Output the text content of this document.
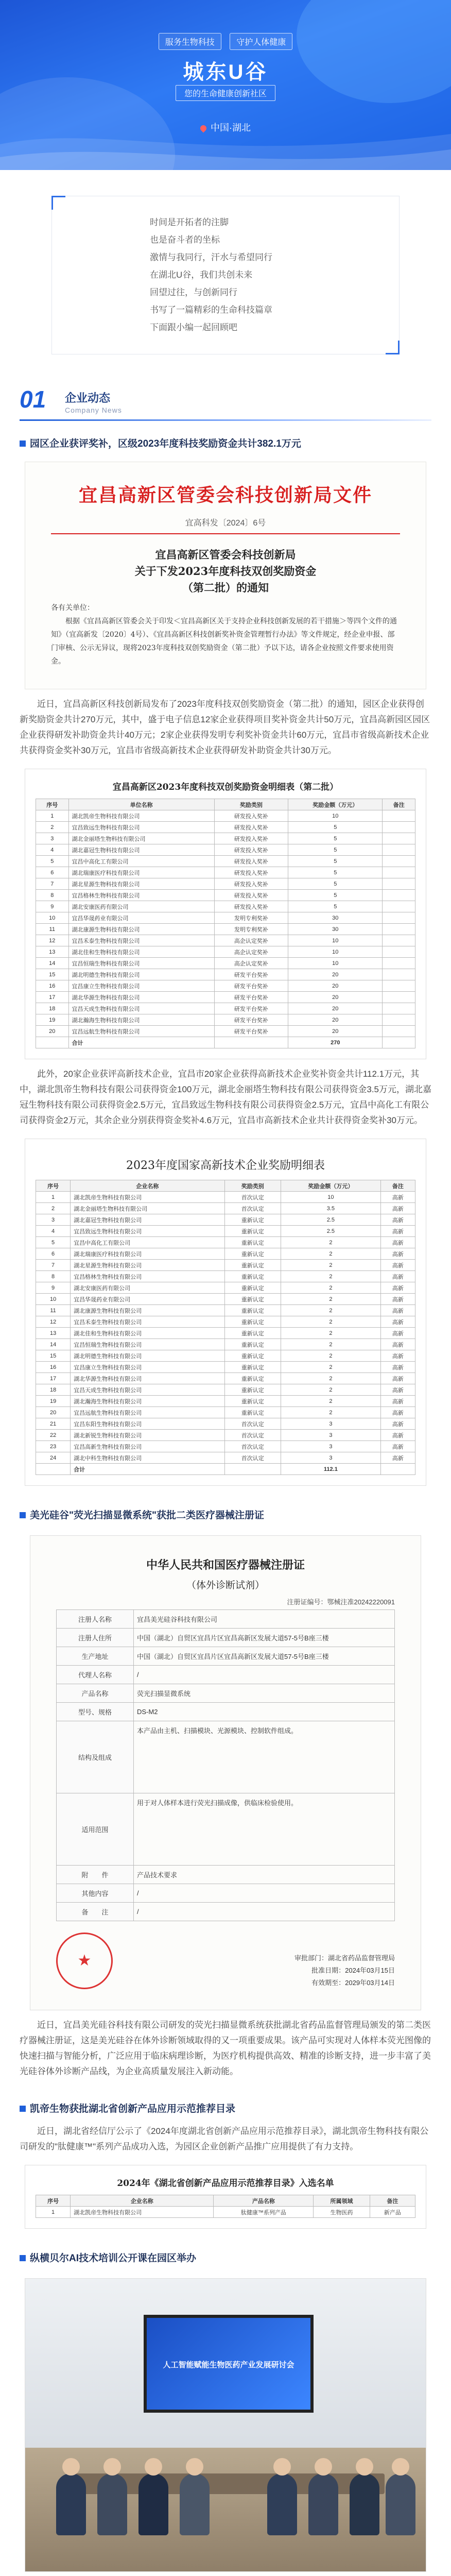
服务生物科技	守护人体健康
城东U谷
您的生命健康创新社区
中国·湖北

时间是开拓者的注脚

也是奋斗者的坐标

激情与我同行，汗水与希望同行

在湖北U谷，我们共创未来

回望过往，与创新同行

书写了一篇精彩的生命科技篇章

下面跟小编一起回顾吧

01 企业动态
Company News
园区企业获评奖补，区级2023年度科技奖励资金共计382.1万元
宜昌高新区管委会科技创新局文件
宜高科发〔2024〕6号
宜昌高新区管委会科技创新局
关于下发2023年度科技双创奖励资金
（第二批）的通知
各有关单位：

根据《宜昌高新区管委会关于印发＜宜昌高新区关于支持企业科技创新发展的若干措施＞等四个文件的通知》（宜高新发〔2020〕4号）、《宜昌高新区科技创新奖补资金管理暂行办法》等文件规定，经企业申报、部门审核、公示无异议，现将2023年度科技双创奖励资金（第二批）予以下达，请各企业按照文件要求使用资金。

近日，宜昌高新区科技创新局发布了2023年度科技双创奖励资金（第二批）的通知，园区企业获得创新奖励资金共计270万元，其中，盛于电子信息12家企业获得项目奖补资金共计50万元，宜昌高新园区园区企业获得研发补助资金共计40万元；2家企业获得发明专利奖补资金共计60万元，宜昌市省级高新技术企业共获得资金奖补30万元，宜昌市省级高新技术企业获得研发补助资金共计30万元。

宜昌高新区2023年度科技双创奖励资金明细表（第二批）
序号	单位名称	奖励类别	奖励金额（万元）	备注
1	湖北凯帝生物科技有限公司	研发投入奖补	10	
2	宜昌致远生物科技有限公司	研发投入奖补	5	
3	湖北金丽塔生物科技有限公司	研发投入奖补	5	
4	湖北嘉冠生物科技有限公司	研发投入奖补	5	
5	宜昌中高化工有限公司	研发投入奖补	5	
6	湖北瑞康医疗科技有限公司	研发投入奖补	5	
7	湖北星源生物科技有限公司	研发投入奖补	5	
8	宜昌格林生物科技有限公司	研发投入奖补	5	
9	湖北安康医药有限公司	研发投入奖补	5	
10	宜昌华晟药业有限公司	发明专利奖补	30	
11	湖北康源生物科技有限公司	发明专利奖补	30	
12	宜昌禾泰生物科技有限公司	高企认定奖补	10	
13	湖北佳和生物科技有限公司	高企认定奖补	10	
14	宜昌恒瑞生物科技有限公司	高企认定奖补	10	
15	湖北明德生物科技有限公司	研发平台奖补	20	
16	宜昌康立生物科技有限公司	研发平台奖补	20	
17	湖北华源生物科技有限公司	研发平台奖补	20	
18	宜昌天成生物科技有限公司	研发平台奖补	20	
19	湖北瀚海生物科技有限公司	研发平台奖补	20	
20	宜昌远航生物科技有限公司	研发平台奖补	20	
	合计		270	

此外，20家企业获评高新技术企业，宜昌市20家企业获得高新技术企业奖补资金共计112.1万元，其中，湖北凯帝生物科技有限公司获得资金100万元，湖北金丽塔生物科技有限公司获得资金3.5万元，湖北嘉冠生物科技有限公司获得资金2.5万元，宜昌致远生物科技有限公司获得资金2.5万元，宜昌中高化工有限公司获得资金2万元，其余企业分别获得资金奖补4.6万元，宜昌市高新技术企业共计获得资金奖补30万元。

2023年度国家高新技术企业奖励明细表
序号	企业名称	奖励类别	奖励金额（万元）	备注
1	湖北凯帝生物科技有限公司	首次认定	10	高新
2	湖北金丽塔生物科技有限公司	首次认定	3.5	高新
3	湖北嘉冠生物科技有限公司	重新认定	2.5	高新
4	宜昌致远生物科技有限公司	重新认定	2.5	高新
5	宜昌中高化工有限公司	重新认定	2	高新
6	湖北瑞康医疗科技有限公司	重新认定	2	高新
7	湖北星源生物科技有限公司	重新认定	2	高新
8	宜昌格林生物科技有限公司	重新认定	2	高新
9	湖北安康医药有限公司	重新认定	2	高新
10	宜昌华晟药业有限公司	重新认定	2	高新
11	湖北康源生物科技有限公司	重新认定	2	高新
12	宜昌禾泰生物科技有限公司	重新认定	2	高新
13	湖北佳和生物科技有限公司	重新认定	2	高新
14	宜昌恒瑞生物科技有限公司	重新认定	2	高新
15	湖北明德生物科技有限公司	重新认定	2	高新
16	宜昌康立生物科技有限公司	重新认定	2	高新
17	湖北华源生物科技有限公司	重新认定	2	高新
18	宜昌天成生物科技有限公司	重新认定	2	高新
19	湖北瀚海生物科技有限公司	重新认定	2	高新
20	宜昌远航生物科技有限公司	重新认定	2	高新
21	宜昌东阳生物科技有限公司	首次认定	3	高新
22	湖北新锐生物科技有限公司	首次认定	3	高新
23	宜昌高新生物科技有限公司	首次认定	3	高新
24	湖北中科生物科技有限公司	首次认定	3	高新
	合计		112.1	
美光硅谷"荧光扫描显微系统"获批二类医疗器械注册证
中华人民共和国医疗器械注册证
（体外诊断试剂）
注册证编号：鄂械注准20242220091
注册人名称	宜昌美光硅谷科技有限公司
注册人住所	中国（湖北）自贸区宜昌片区宜昌高新区发展大道57-5号B座三楼
生产地址	中国（湖北）自贸区宜昌片区宜昌高新区发展大道57-5号B座三楼
代理人名称	/
产品名称	荧光扫描显微系统
型号、规格	DS-M2
结构及组成	本产品由主机、扫描模块、光源模块、控制软件组成。
适用范围	用于对人体样本进行荧光扫描成像，供临床检验使用。
附　　件	产品技术要求
其他内容	/
备　　注	/
★
审批部门：湖北省药品监督管理局
批准日期：2024年03月15日
有效期至：2029年03月14日

近日，宜昌美光硅谷科技有限公司研发的荧光扫描显微系统获批湖北省药品监督管理局颁发的第二类医疗器械注册证，这是美光硅谷在体外诊断领域取得的又一项重要成果。该产品可实现对人体样本荧光图像的快速扫描与智能分析，广泛应用于临床病理诊断，为医疗机构提供高效、精准的诊断支持，进一步丰富了美光硅谷体外诊断产品线，为企业高质量发展注入新动能。

凯帝生物获批湖北省创新产品应用示范推荐目录

近日，湖北省经信厅公示了《2024年度湖北省创新产品应用示范推荐目录》，湖北凯帝生物科技有限公司研发的"肽健康™"系列产品成功入选，为园区企业创新产品推广应用提供了有力支持。

2024年《湖北省创新产品应用示范推荐目录》入选名单
序号	企业名称	产品名称	所属领域	备注
1	湖北凯帝生物科技有限公司	肽健康™系列产品	生物医药	新产品
纵横贝尔AI技术培训公开课在园区举办
人工智能赋能生物医药产业发展研讨会
